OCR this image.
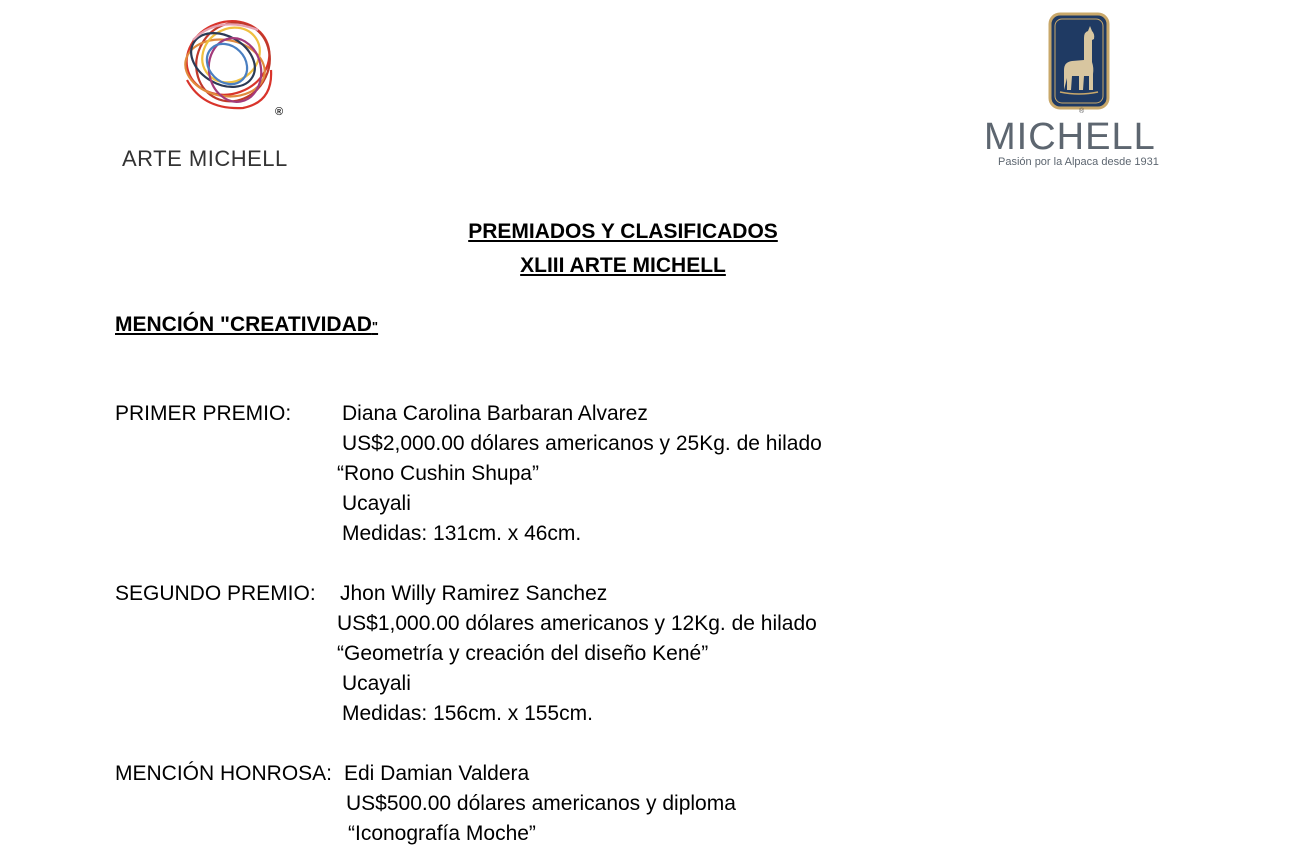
®
ARTE MICHELL
®
MICHELL
Pasión por la Alpaca desde 1931
PREMIADOS Y CLASIFICADOS
XLIII ARTE MICHELL
MENCIÓN "CREATIVIDAD"
PRIMER PREMIO: Diana Carolina Barbaran Alvarez
US$2,000.00 dólares americanos y 25Kg. de hilado
“Rono Cushin Shupa”
Ucayali
Medidas: 131cm. x 46cm.
SEGUNDO PREMIO: Jhon Willy Ramirez Sanchez
US$1,000.00 dólares americanos y 12Kg. de hilado
“Geometría y creación del diseño Kené”
Ucayali
Medidas: 156cm. x 155cm.
MENCIÓN HONROSA: Edi Damian Valdera
US$500.00 dólares americanos y diploma
“Iconografía Moche”
